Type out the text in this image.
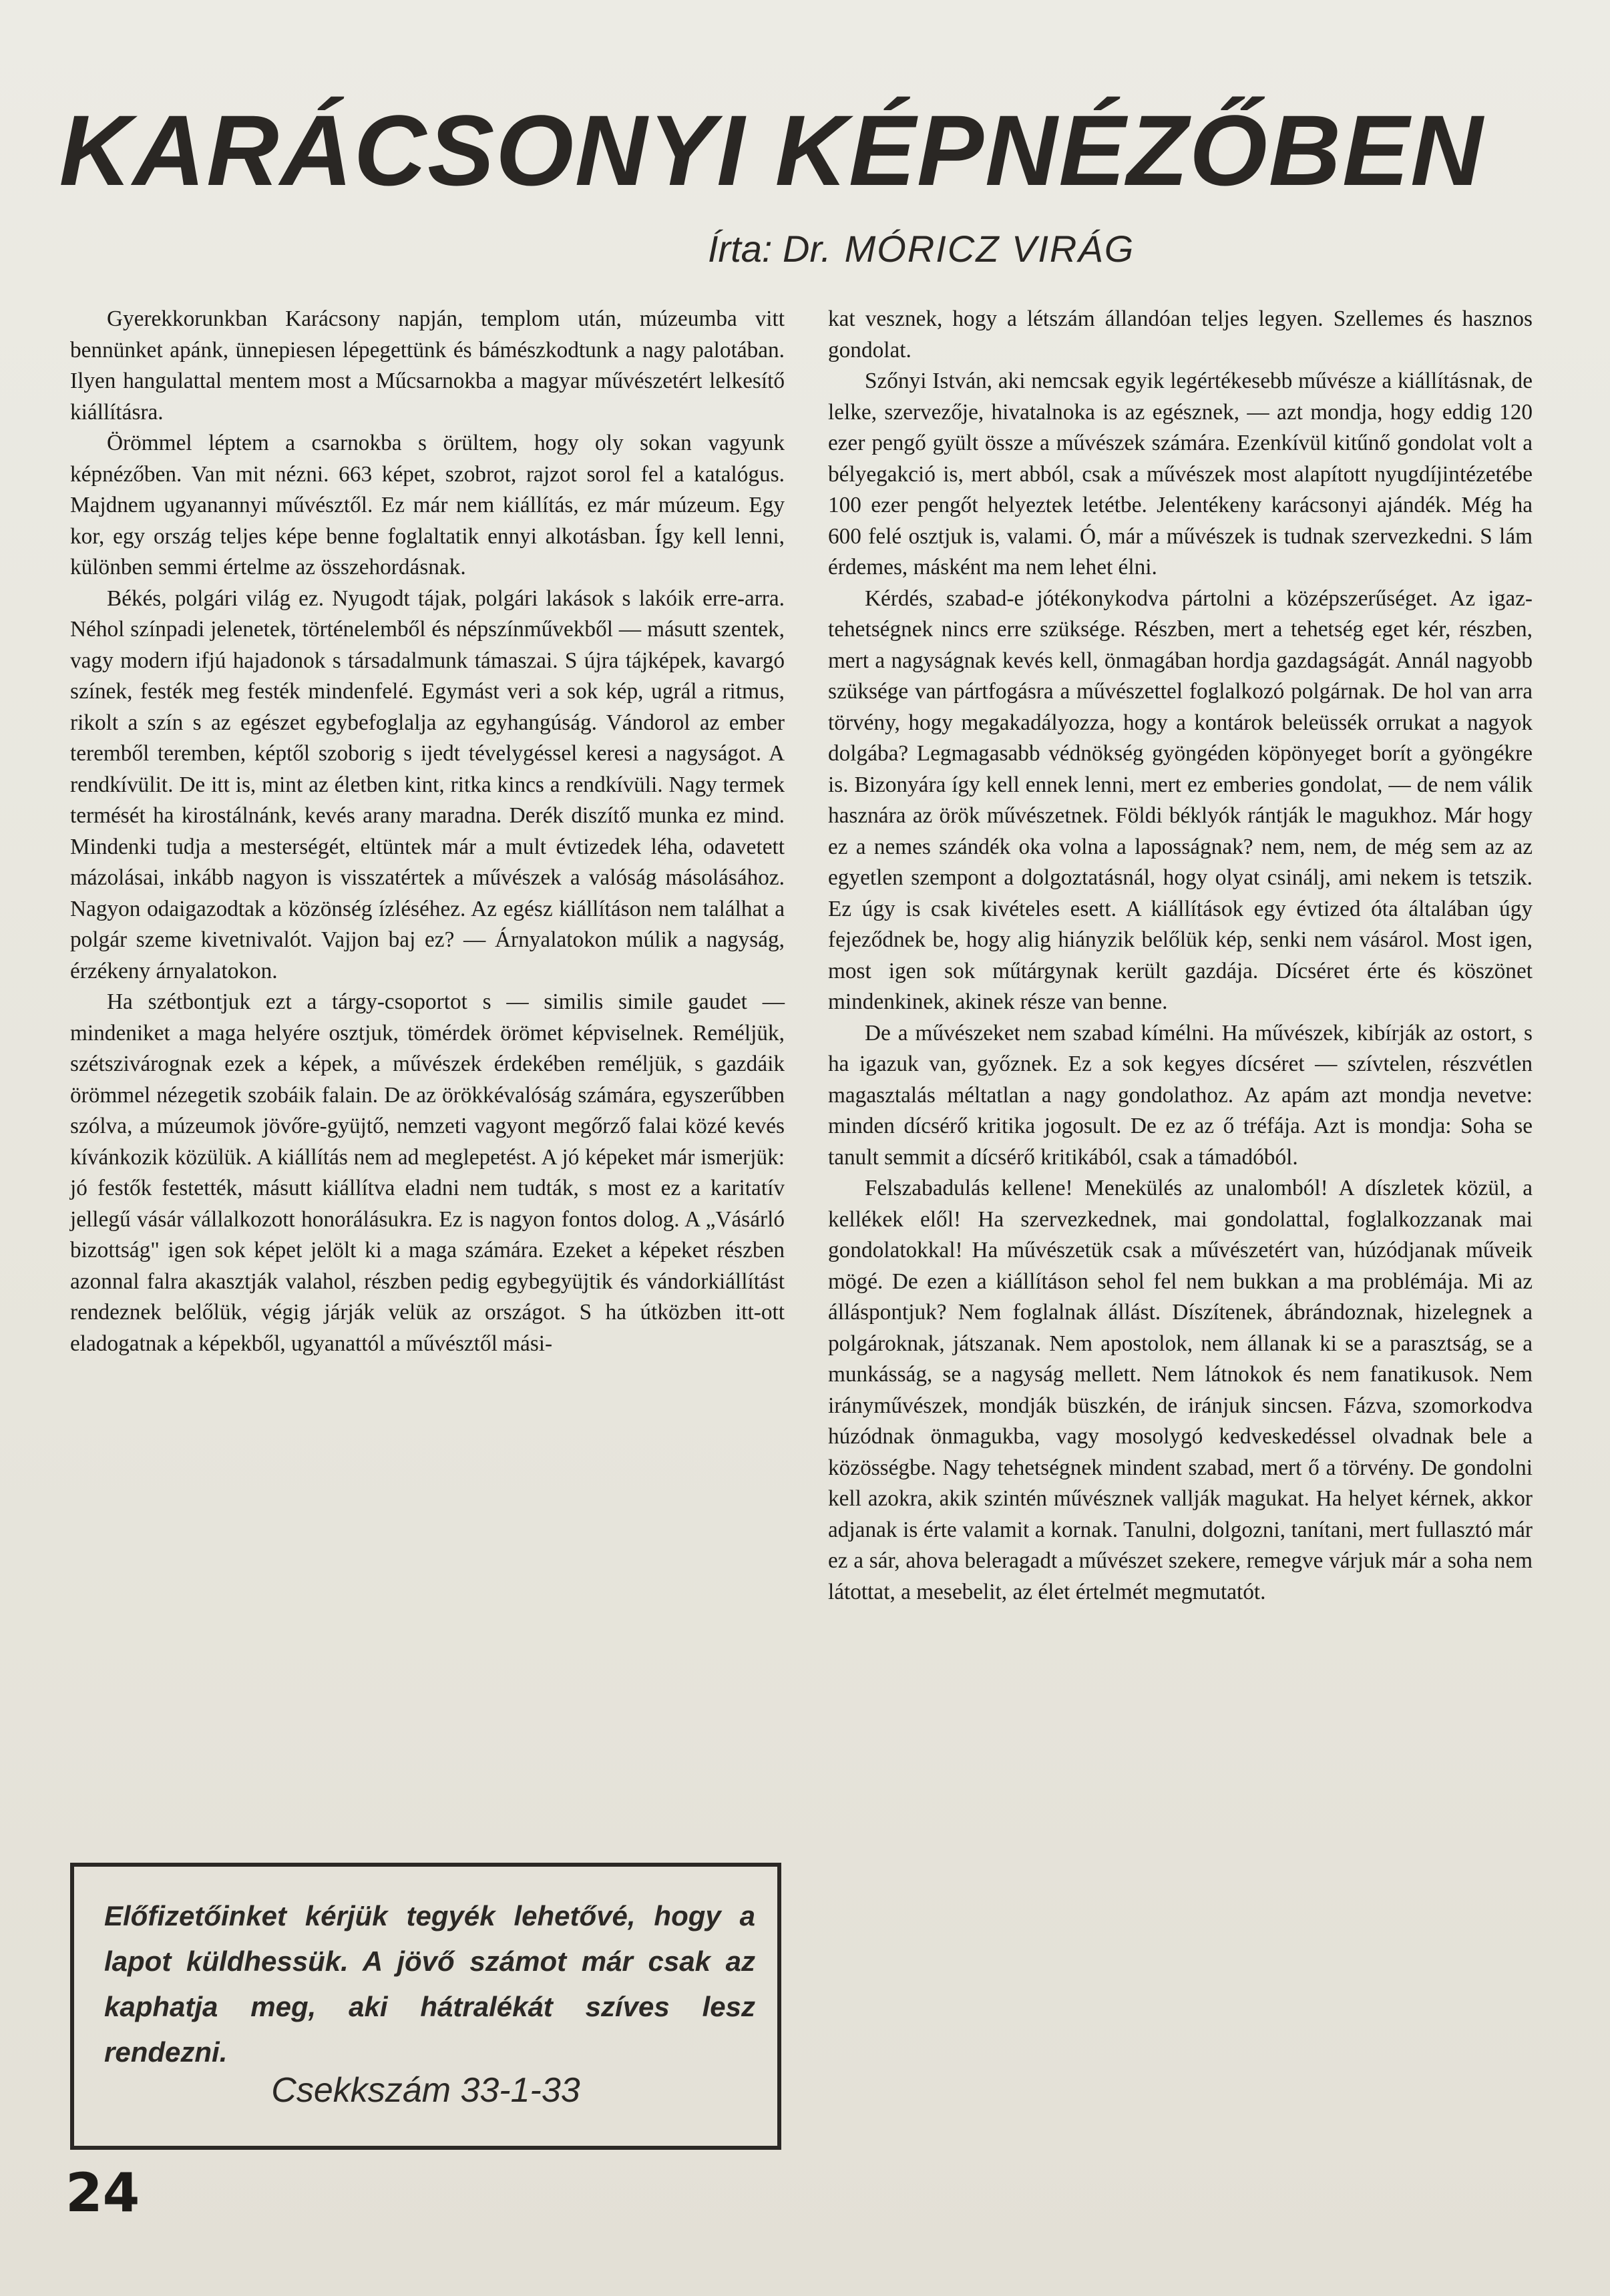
KARÁCSONYI KÉPNÉZŐBEN
Írta: Dr. MÓRICZ VIRÁG

Gyerekkorunkban Karácsony napján, templom után, múzeumba vitt bennünket apánk, ünnepiesen lépegettünk és bámészkodtunk a nagy palotában. Ilyen hangulattal mentem most a Műcsarnokba a magyar művészetért lelkesítő kiállításra.

Örömmel léptem a csarnokba s örültem, hogy oly sokan vagyunk képnézőben. Van mit nézni. 663 képet, szobrot, rajzot sorol fel a katalógus. Majdnem ugyanannyi művésztől. Ez már nem kiállítás, ez már múzeum. Egy kor, egy ország teljes képe benne foglaltatik ennyi alkotásban. Így kell lenni, különben semmi értelme az összehordásnak.

Békés, polgári világ ez. Nyugodt tájak, polgári lakások s lakóik erre-arra. Néhol színpadi jelenetek, történelemből és népszínművekből — másutt szentek, vagy modern ifjú hajadonok s társadalmunk támaszai. S újra tájképek, kavargó színek, festék meg festék mindenfelé. Egymást veri a sok kép, ugrál a ritmus, rikolt a szín s az egészet egybefoglalja az egyhangúság. Vándorol az ember teremből teremben, képtől szoborig s ijedt tévelygéssel keresi a nagyságot. A rendkívülit. De itt is, mint az életben kint, ritka kincs a rendkívüli. Nagy termek termését ha kirostálnánk, kevés arany maradna. Derék diszítő munka ez mind. Mindenki tudja a mesterségét, eltüntek már a mult évtizedek léha, odavetett mázolásai, inkább nagyon is visszatértek a művészek a valóság másolásához. Nagyon odaigazodtak a közönség ízléséhez. Az egész kiállításon nem találhat a polgár szeme kivetnivalót. Vajjon baj ez? — Árnyalatokon múlik a nagyság, érzékeny árnyalatokon.

Ha szétbontjuk ezt a tárgy-csoportot s — similis simile gaudet — mindeniket a maga helyére osztjuk, tömérdek örömet képviselnek. Reméljük, szétszivárognak ezek a képek, a művészek érdekében reméljük, s gazdáik örömmel nézegetik szobáik falain. De az örökkévalóság számára, egyszerűbben szólva, a múzeumok jövőre-gyüjtő, nemzeti vagyont megőrző falai közé kevés kívánkozik közülük. A kiállítás nem ad meglepetést. A jó képeket már ismerjük: jó festők festették, másutt kiállítva eladni nem tudták, s most ez a karitatív jellegű vásár vállalkozott honorálásukra. Ez is nagyon fontos dolog. A „Vásárló bizottság" igen sok képet jelölt ki a maga számára. Ezeket a képeket részben azonnal falra akasztják valahol, részben pedig egybegyüjtik és vándorkiállítást rendeznek belőlük, végig járják velük az országot. S ha útközben itt-ott eladogatnak a képekből, ugyanattól a művésztől mási-

kat vesznek, hogy a létszám állandóan teljes legyen. Szellemes és hasznos gondolat.

Szőnyi István, aki nemcsak egyik legértékesebb művésze a kiállításnak, de lelke, szervezője, hivatalnoka is az egésznek, — azt mondja, hogy eddig 120 ezer pengő gyült össze a művészek számára. Ezenkívül kitűnő gondolat volt a bélyegakció is, mert abból, csak a művészek most alapított nyugdíjintézetébe 100 ezer pengőt helyeztek letétbe. Jelentékeny karácsonyi ajándék. Még ha 600 felé osztjuk is, valami. Ó, már a művészek is tudnak szervezkedni. S lám érdemes, másként ma nem lehet élni.

Kérdés, szabad-e jótékonykodva pártolni a középszerűséget. Az igaz-tehetségnek nincs erre szüksége. Részben, mert a tehetség eget kér, részben, mert a nagyságnak kevés kell, önmagában hordja gazdagságát. Annál nagyobb szüksége van pártfogásra a művészettel foglalkozó polgárnak. De hol van arra törvény, hogy megakadályozza, hogy a kontárok beleüssék orrukat a nagyok dolgába? Legmagasabb védnökség gyöngéden köpönyeget borít a gyöngékre is. Bizonyára így kell ennek lenni, mert ez emberies gondolat, — de nem válik hasznára az örök művészetnek. Földi béklyók rántják le magukhoz. Már hogy ez a nemes szándék oka volna a laposságnak? nem, nem, de még sem az az egyetlen szempont a dolgoztatásnál, hogy olyat csinálj, ami nekem is tetszik. Ez úgy is csak kivételes esett. A kiállítások egy évtized óta általában úgy fejeződnek be, hogy alig hiányzik belőlük kép, senki nem vásárol. Most igen, most igen sok műtárgynak került gazdája. Dícséret érte és köszönet mindenkinek, akinek része van benne.

De a művészeket nem szabad kímélni. Ha művészek, kibírják az ostort, s ha igazuk van, győznek. Ez a sok kegyes dícséret — szívtelen, részvétlen magasztalás méltatlan a nagy gondolathoz. Az apám azt mondja nevetve: minden dícsérő kritika jogosult. De ez az ő tréfája. Azt is mondja: Soha se tanult semmit a dícsérő kritikából, csak a támadóból.

Felszabadulás kellene! Menekülés az unalomból! A díszletek közül, a kellékek elől! Ha szervezkednek, mai gondolattal, foglalkozzanak mai gondolatokkal! Ha művészetük csak a művészetért van, húzódjanak műveik mögé. De ezen a kiállításon sehol fel nem bukkan a ma problémája. Mi az álláspontjuk? Nem foglalnak állást. Díszítenek, ábrándoznak, hizelegnek a polgároknak, játszanak. Nem apostolok, nem állanak ki se a parasztság, se a munkásság, se a nagyság mellett. Nem látnokok és nem fanatikusok. Nem irányművészek, mondják büszkén, de iránjuk sincsen. Fázva, szomorkodva húzódnak önmagukba, vagy mosolygó kedveskedéssel olvadnak bele a közösségbe. Nagy tehetségnek mindent szabad, mert ő a törvény. De gondolni kell azokra, akik szintén művésznek vallják magukat. Ha helyet kérnek, akkor adjanak is érte valamit a kornak. Tanulni, dolgozni, tanítani, mert fullasztó már ez a sár, ahova beleragadt a művészet szekere, remegve várjuk már a soha nem látottat, a mesebelit, az élet értelmét megmutatót.

Előfizetőinket kérjük tegyék lehetővé, hogy a lapot küldhessük. A jövő számot már csak az kaphatja meg, aki hátralékát szíves lesz rendezni.

Csekkszám 33-1-33

24
